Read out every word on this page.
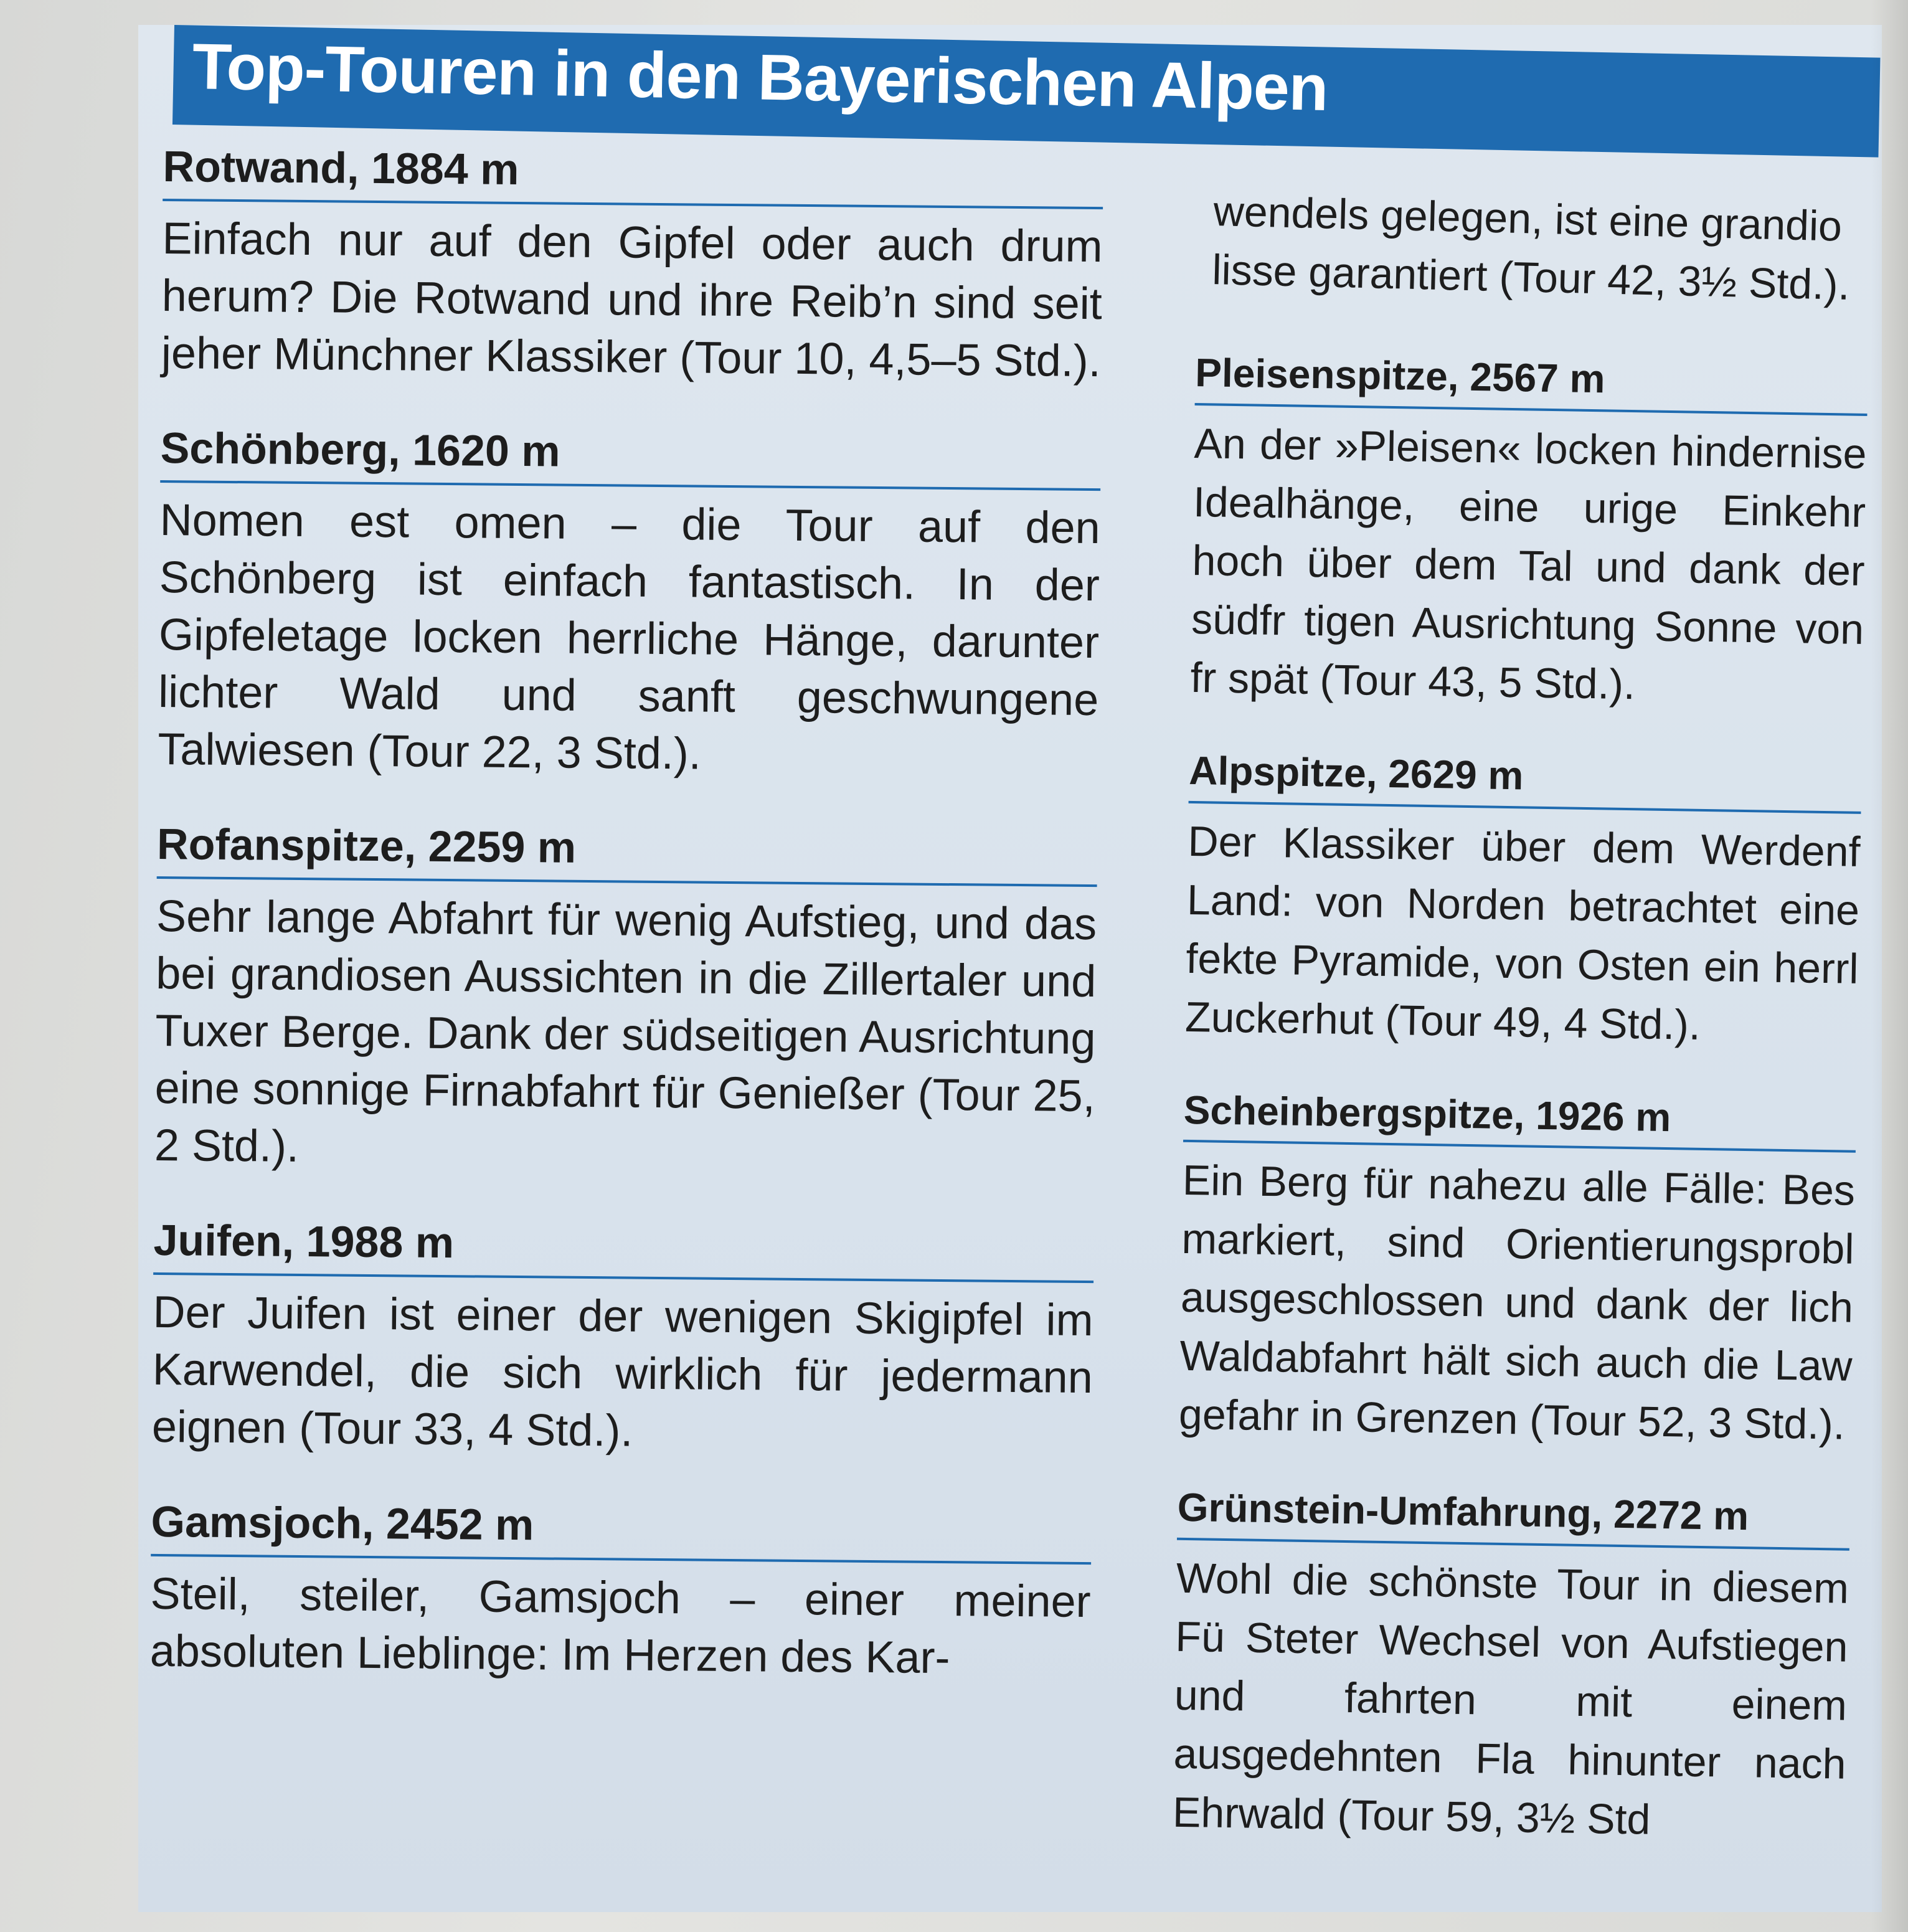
Top-Touren in den Bayerischen Alpen
Rotwand, 1884 m

Einfach nur auf den Gipfel oder auch drum herum? Die Rotwand und ihre Reib’n sind seit jeher Münchner Klassiker (Tour 10, 4,5–5 Std.).

Schönberg, 1620 m

Nomen est omen – die Tour auf den Schönberg ist einfach fantastisch. In der Gipfeletage locken herrliche Hänge, darunter lichter Wald und sanft geschwungene Talwiesen (Tour 22, 3 Std.).

Rofanspitze, 2259 m

Sehr lange Abfahrt für wenig Aufstieg, und das bei grandiosen Aussichten in die Zillertaler und Tuxer Berge. Dank der südseitigen Ausrichtung eine sonnige Firnabfahrt für Genießer (Tour 25, 2 Std.).

Juifen, 1988 m

Der Juifen ist einer der wenigen Skigipfel im Karwendel, die sich wirklich für jedermann eignen (Tour 33, 4 Std.).

Gamsjoch, 2452 m

Steil, steiler, Gamsjoch – einer meiner absoluten Lieblinge: Im Herzen des Kar-

wendels gelegen, ist eine grandio lisse garantiert (Tour 42, 3½ Std.).
Pleisenspitze, 2567 m

An der »Pleisen« locken hindernise Idealhänge, eine urige Einkehr hoch über dem Tal und dank der südfr tigen Ausrichtung Sonne von fr spät (Tour 43, 5 Std.).

Alpspitze, 2629 m

Der Klassiker über dem Werdenf Land: von Norden betrachtet eine fekte Pyramide, von Osten ein herrl Zuckerhut (Tour 49, 4 Std.).

Scheinbergspitze, 1926 m

Ein Berg für nahezu alle Fälle: Bes markiert, sind Orientierungsprobl ausgeschlossen und dank der lich Waldabfahrt hält sich auch die Law gefahr in Grenzen (Tour 52, 3 Std.).

Grünstein-Umfahrung, 2272 m

Wohl die schönste Tour in diesem Fü Steter Wechsel von Aufstiegen und fahrten mit einem ausgedehnten Fla hinunter nach Ehrwald (Tour 59, 3½ Std
